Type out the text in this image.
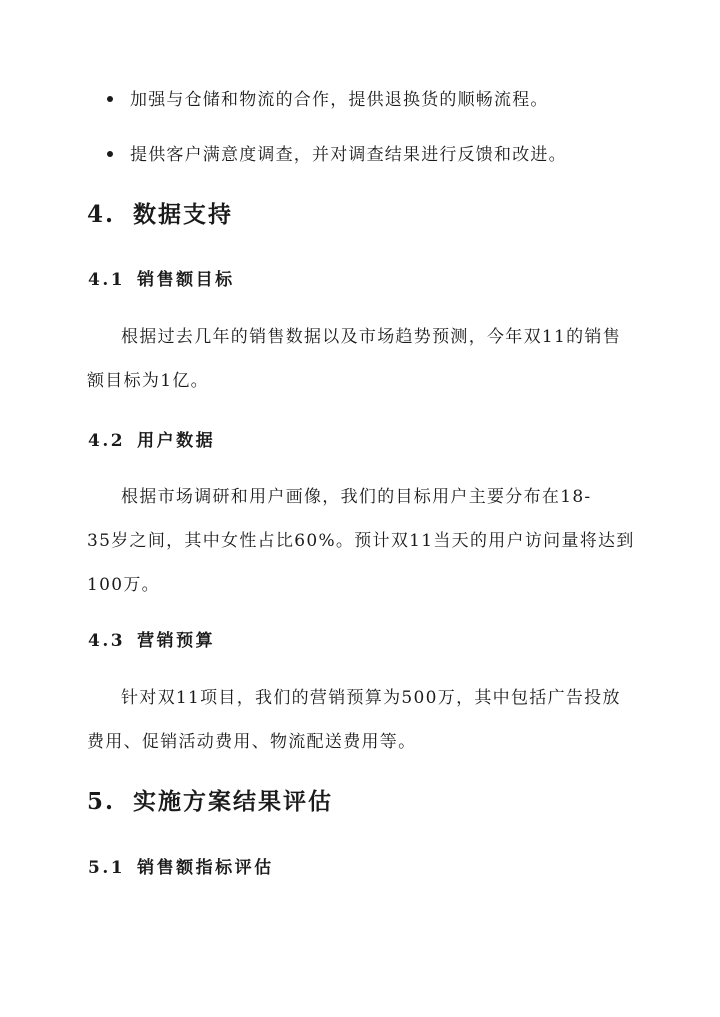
加强与仓储和物流的合作，提供退换货的顺畅流程。
提供客户满意度调查，并对调查结果进行反馈和改进。
4. 数据支持
4.1 销售额目标
根据过去几年的销售数据以及市场趋势预测，今年双11的销售
额目标为1亿。
4.2 用户数据
根据市场调研和用户画像，我们的目标用户主要分布在18-
35岁之间，其中女性占比60%。预计双11当天的用户访问量将达到
100万。
4.3 营销预算
针对双11项目，我们的营销预算为500万，其中包括广告投放
费用、促销活动费用、物流配送费用等。
5. 实施方案结果评估
5.1 销售额指标评估
